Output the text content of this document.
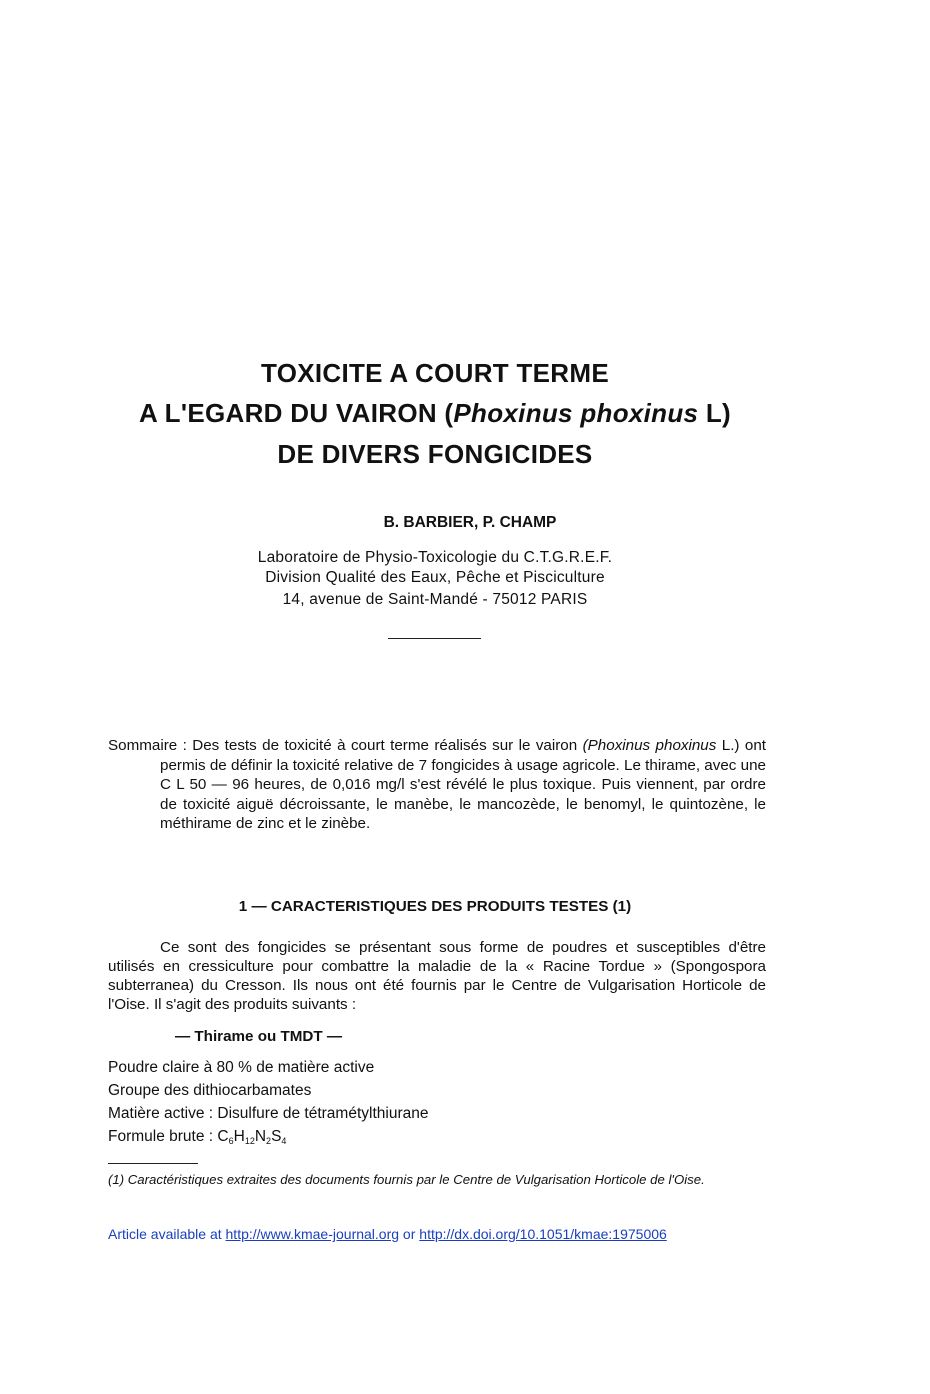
TOXICITE A COURT TERME
A L'EGARD DU VAIRON (Phoxinus phoxinus L)
DE DIVERS FONGICIDES
B. BARBIER, P. CHAMP
Laboratoire de Physio-Toxicologie du C.T.G.R.E.F.
Division Qualité des Eaux, Pêche et Pisciculture
14, avenue de Saint-Mandé - 75012 PARIS
Sommaire : Des tests de toxicité à court terme réalisés sur le vairon (Phoxinus phoxinus L.) ont permis de définir la toxicité relative de 7 fongicides à usage agricole. Le thirame, avec une C L 50 — 96 heures, de 0,016 mg/l s'est révélé le plus toxique. Puis viennent, par ordre de toxicité aiguë décroissante, le manèbe, le mancozède, le benomyl, le quintozène, le méthirame de zinc et le zinèbe.
1 — CARACTERISTIQUES DES PRODUITS TESTES (1)
Ce sont des fongicides se présentant sous forme de poudres et susceptibles d'être utilisés en cressiculture pour combattre la maladie de la « Racine Tordue » (Spongospora subterranea) du Cresson. Ils nous ont été fournis par le Centre de Vulgarisation Horticole de l'Oise. Il s'agit des produits suivants :
— Thirame ou TMDT —
Poudre claire à 80 % de matière active
Groupe des dithiocarbamates
Matière active : Disulfure de tétramétylthiurane
Formule brute : $C_6H_{12}N_2S_4$
(1) Caractéristiques extraites des documents fournis par le Centre de Vulgarisation Horticole de l'Oise.
Article available at http://www.kmae-journal.org or http://dx.doi.org/10.1051/kmae:1975006
